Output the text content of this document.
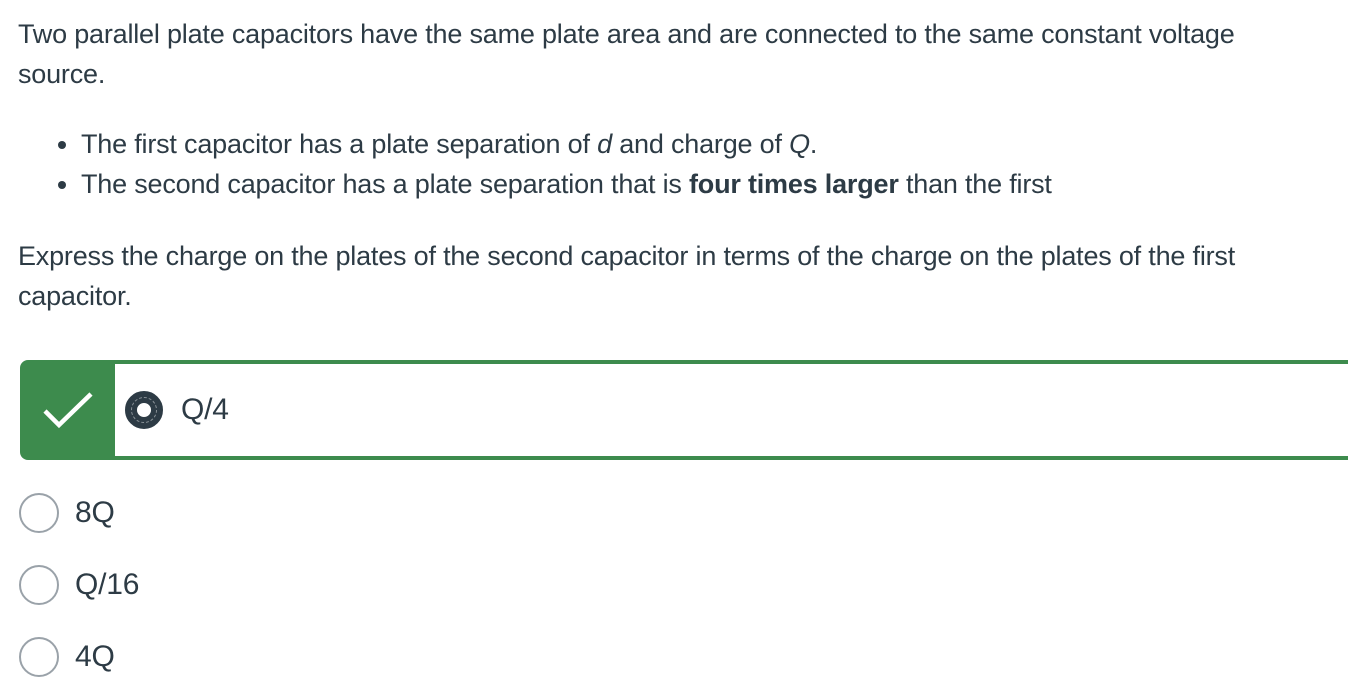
Two parallel plate capacitors have the same plate area and are connected to the same constant voltage source.

• The first capacitor has a plate separation of d and charge of Q.
• The second capacitor has a plate separation that is four times larger than the first

Express the charge on the plates of the second capacitor in terms of the charge on the plates of the first capacitor.

Q/4
8Q
Q/16
4Q
